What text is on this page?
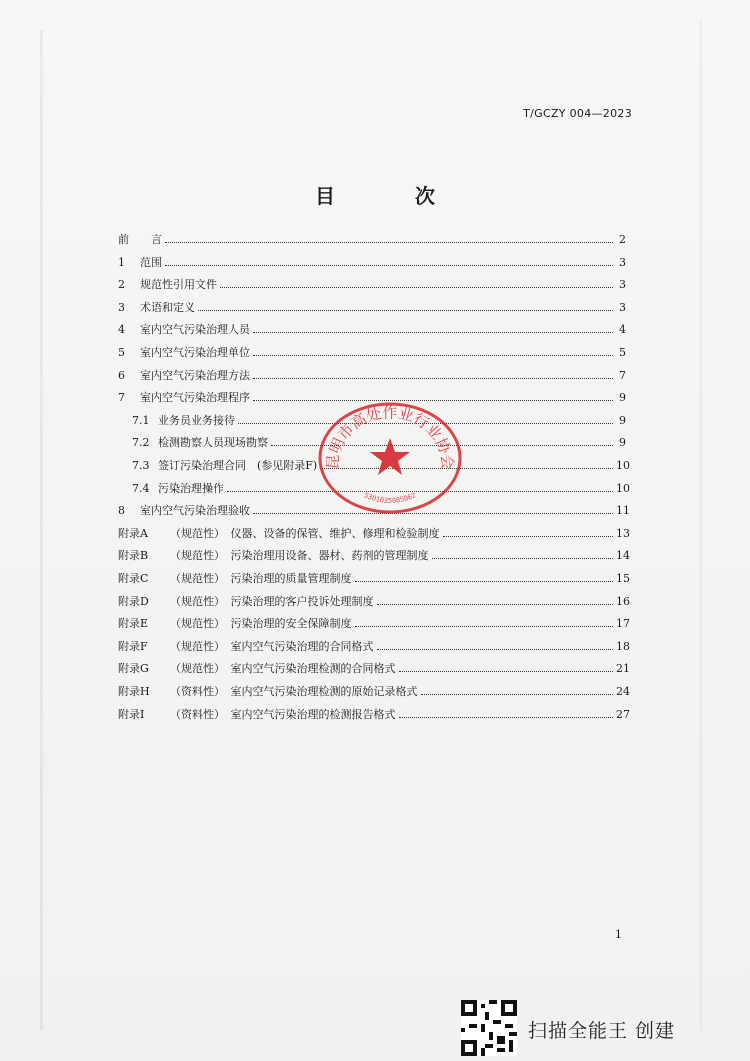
T/GCZY 004—2023
目　次
前　　言	2
1	范围	3
2	规范性引用文件	3
3	术语和定义	3
4	室内空气污染治理人员	4
5	室内空气污染治理单位	5
6	室内空气污染治理方法	7
7	室内空气污染治理程序	9
7.1 业务员业务接待	9
7.2 检测勘察人员现场勘察	9
7.3 签订污染治理合同　(参见附录F)	10
7.4 污染治理操作	10
8	室内空气污染治理验收	11
附录A	（规范性）　仪器、设备的保管、维护、修理和检验制度	13
附录B	（规范性）　污染治理用设备、器材、药剂的管理制度	14
附录C	（规范性）　污染治理的质量管理制度	15
附录D	（规范性）　污染治理的客户投诉处理制度	16
附录E	（规范性）　污染治理的安全保障制度	17
附录F	（规范性）　室内空气污染治理的合同格式	18
附录G	（规范性）　室内空气污染治理检测的合同格式	21
附录H	（资料性）　室内空气污染治理检测的原始记录格式	24
附录I	（资料性）　室内空气污染治理的检测报告格式	27
昆明市高处作业行业协会
5301035085062
1
扫描全能王 创建
